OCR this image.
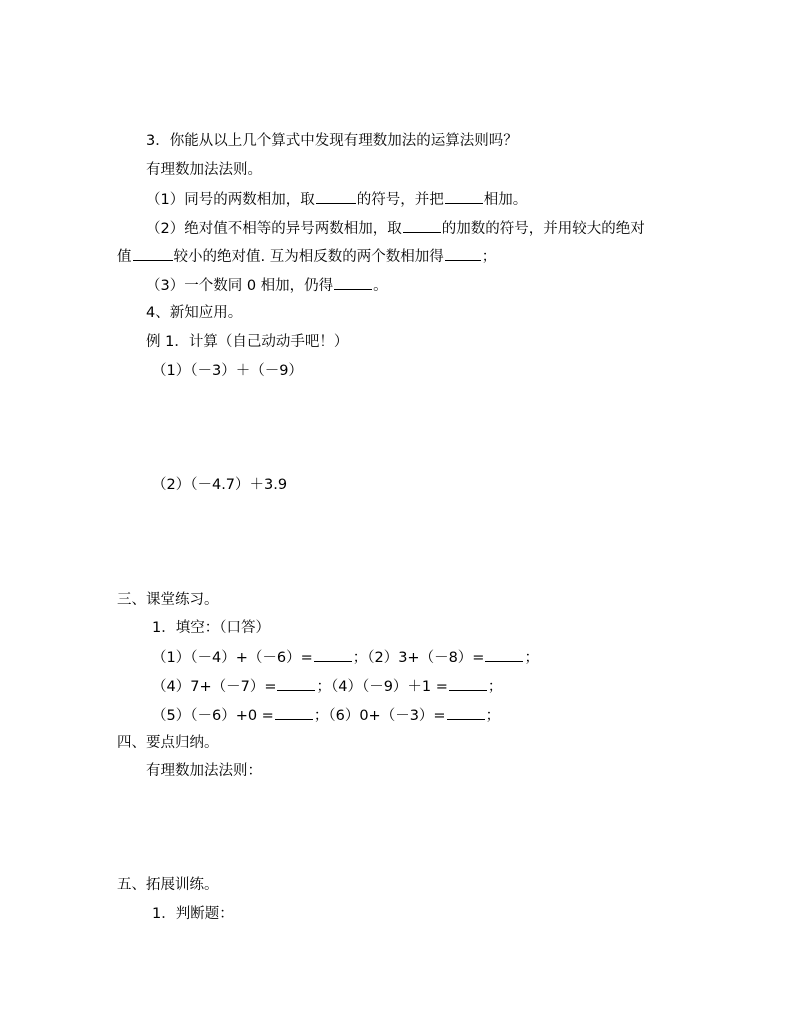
3．你能从以上几个算式中发现有理数加法的运算法则吗？
有理数加法法则。
（1）同号的两数相加，取	的符号，并把	相加。
（2）绝对值不相等的异号两数相加，取	的加数的符号，并用较大的绝对
值	较小的绝对值. 互为相反数的两个数相加得	；
（3）一个数同 0 相加，仍得	。
4、新知应用。
例 1．计算（自己动动手吧！）
（1）（－3）＋（－9）
（2）（－4.7）＋3.9
三、课堂练习。
1．填空：（口答）
（1）（－4）+（－6）=	；（2）3+（－8）=	；
（4）7+（－7）=	；（4）（－9）＋1 =	；
（5）（－6）+0 =	；（6）0+（－3）=	；
四、要点归纳。
有理数加法法则：
五、拓展训练。
1．判断题：
